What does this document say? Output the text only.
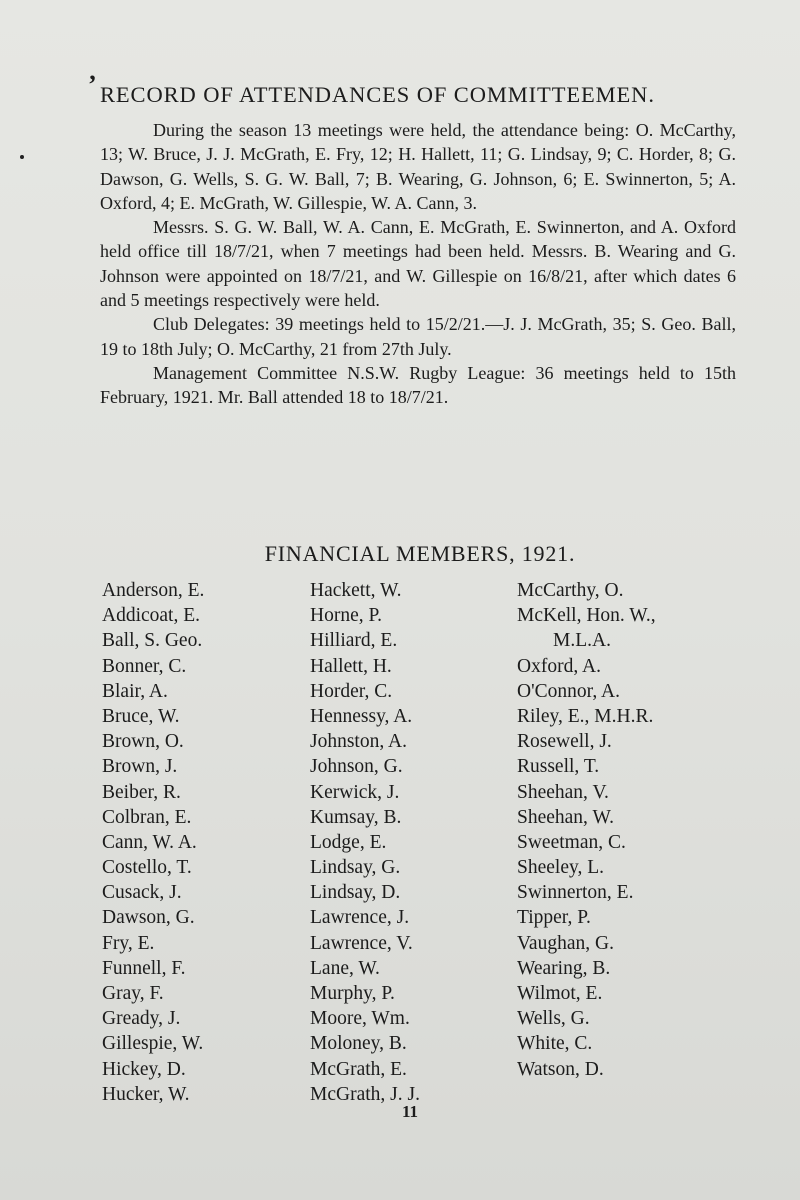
ʼ RECORD OF ATTENDANCES OF COMMITTEEMEN.

During the season 13 meetings were held, the attendance being: O. McCarthy, 13; W. Bruce, J. J. McGrath, E. Fry, 12; H. Hallett, 11; G. Lindsay, 9; C. Horder, 8; G. Dawson, G. Wells, S. G. W. Ball, 7; B. Wearing, G. Johnson, 6; E. Swinnerton, 5; A. Oxford, 4; E. McGrath, W. Gillespie, W. A. Cann, 3.

Messrs. S. G. W. Ball, W. A. Cann, E. McGrath, E. Swinnerton, and A. Oxford held office till 18/7/21, when 7 meetings had been held. Messrs. B. Wearing and G. Johnson were appointed on 18/7/21, and W. Gillespie on 16/8/21, after which dates 6 and 5 meetings respectively were held.

Club Delegates: 39 meetings held to 15/2/21.—J. J. McGrath, 35; S. Geo. Ball, 19 to 18th July; O. McCarthy, 21 from 27th July.

Management Committee N.S.W. Rugby League: 36 meetings held to 15th February, 1921. Mr. Ball attended 18 to 18/7/21.

FINANCIAL MEMBERS, 1921.
Anderson, E.
Addicoat, E.
Ball, S. Geo.
Bonner, C.
Blair, A.
Bruce, W.
Brown, O.
Brown, J.
Beiber, R.
Colbran, E.
Cann, W. A.
Costello, T.
Cusack, J.
Dawson, G.
Fry, E.
Funnell, F.
Gray, F.
Gready, J.
Gillespie, W.
Hickey, D.
Hucker, W.
Hackett, W.
Horne, P.
Hilliard, E.
Hallett, H.
Horder, C.
Hennessy, A.
Johnston, A.
Johnson, G.
Kerwick, J.
Kumsay, B.
Lodge, E.
Lindsay, G.
Lindsay, D.
Lawrence, J.
Lawrence, V.
Lane, W.
Murphy, P.
Moore, Wm.
Moloney, B.
McGrath, E.
McGrath, J. J.
McCarthy, O.
McKell, Hon. W.,
M.L.A.
Oxford, A.
O'Connor, A.
Riley, E., M.H.R.
Rosewell, J.
Russell, T.
Sheehan, V.
Sheehan, W.
Sweetman, C.
Sheeley, L.
Swinnerton, E.
Tipper, P.
Vaughan, G.
Wearing, B.
Wilmot, E.
Wells, G.
White, C.
Watson, D.
11
